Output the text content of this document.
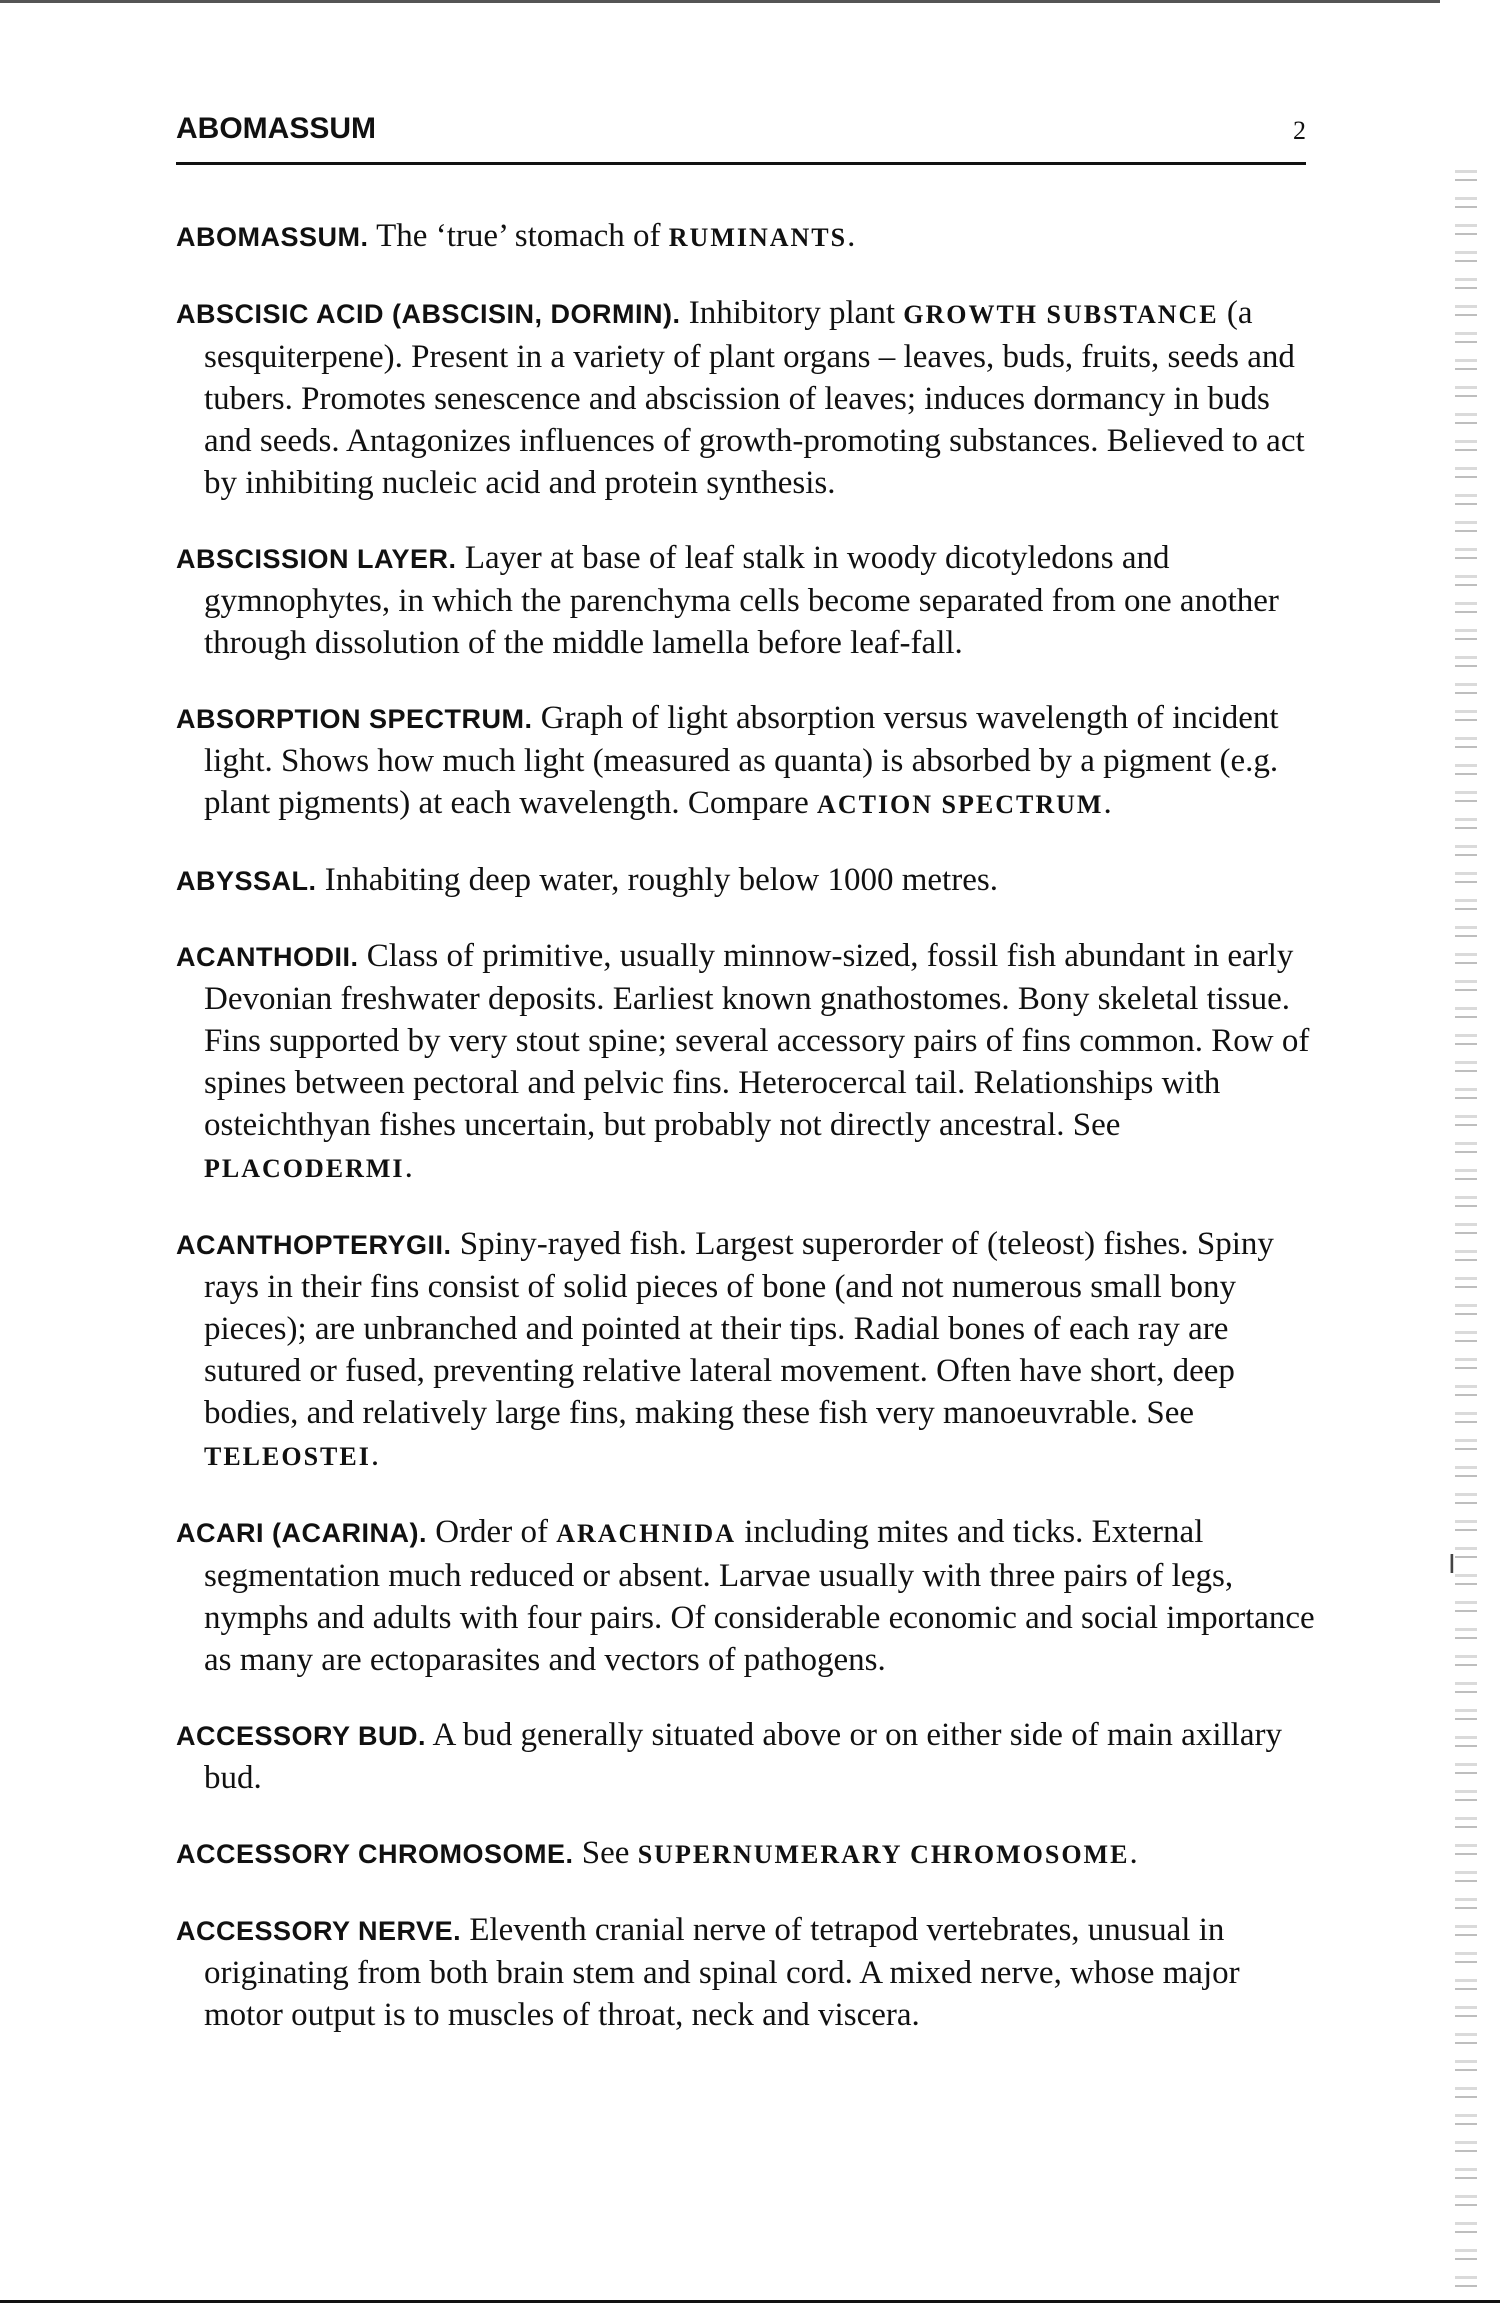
I
ABOMASSUM	2

ABOMASSUM. The ‘true’ stomach of RUMINANTS.

ABSCISIC ACID (ABSCISIN, DORMIN). Inhibitory plant GROWTH SUBSTANCE (a sesquiterpene). Present in a variety of plant organs – leaves, buds, fruits, seeds and tubers. Promotes senescence and abscission of leaves; induces dormancy in buds and seeds. Antagonizes influences of growth-promoting substances. Believed to act by inhibiting nucleic acid and protein synthesis.

ABSCISSION LAYER. Layer at base of leaf stalk in woody dicotyledons and gymnophytes, in which the parenchyma cells become separated from one another through dissolution of the middle lamella before leaf-fall.

ABSORPTION SPECTRUM. Graph of light absorption versus wavelength of incident light. Shows how much light (measured as quanta) is absorbed by a pigment (e.g. plant pigments) at each wavelength. Compare ACTION SPECTRUM.

ABYSSAL. Inhabiting deep water, roughly below 1000 metres.

ACANTHODII. Class of primitive, usually minnow-sized, fossil fish abundant in early Devonian freshwater deposits. Earliest known gnathostomes. Bony skeletal tissue. Fins supported by very stout spine; several accessory pairs of fins common. Row of spines between pectoral and pelvic fins. Heterocercal tail. Relationships with osteichthyan fishes uncertain, but probably not directly ancestral. See PLACODERMI.

ACANTHOPTERYGII. Spiny-rayed fish. Largest superorder of (teleost) fishes. Spiny rays in their fins consist of solid pieces of bone (and not numerous small bony pieces); are unbranched and pointed at their tips. Radial bones of each ray are sutured or fused, preventing relative lateral movement. Often have short, deep bodies, and relatively large fins, making these fish very manoeuvrable. See TELEOSTEI.

ACARI (ACARINA). Order of ARACHNIDA including mites and ticks. External segmentation much reduced or absent. Larvae usually with three pairs of legs, nymphs and adults with four pairs. Of considerable economic and social importance as many are ectoparasites and vectors of pathogens.

ACCESSORY BUD. A bud generally situated above or on either side of main axillary bud.

ACCESSORY CHROMOSOME. See SUPERNUMERARY CHROMOSOME.

ACCESSORY NERVE. Eleventh cranial nerve of tetrapod vertebrates, unusual in originating from both brain stem and spinal cord. A mixed nerve, whose major motor output is to muscles of throat, neck and viscera.
